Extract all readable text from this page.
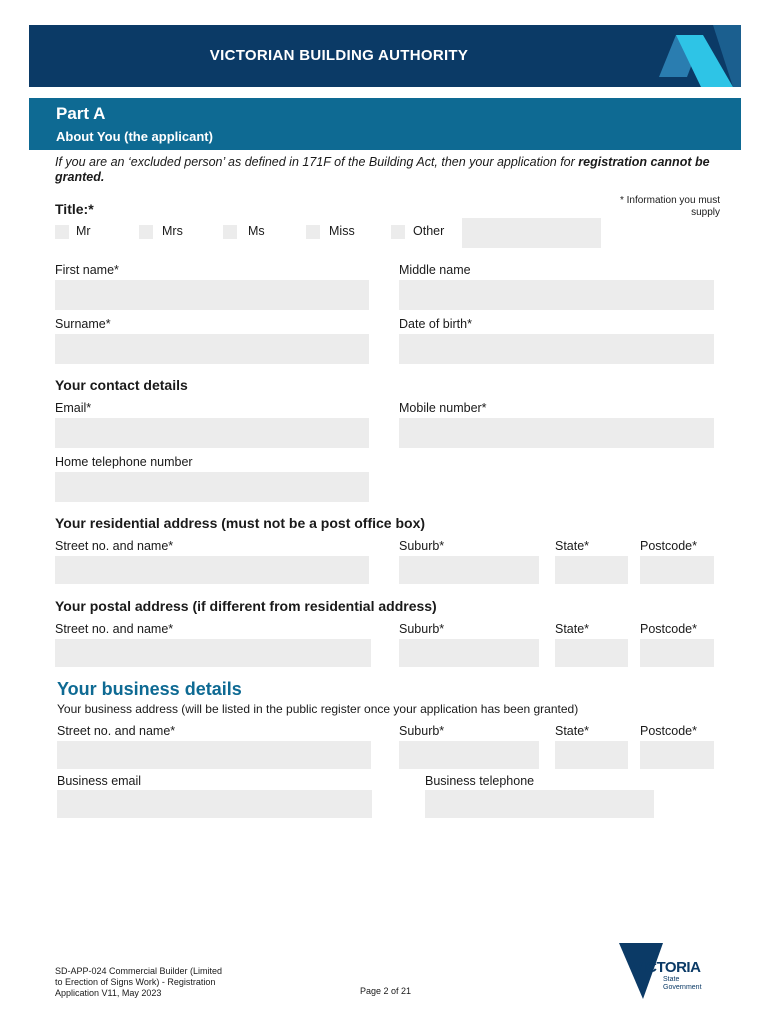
VICTORIAN BUILDING AUTHORITY
Part A
About You (the applicant)
If you are an ‘excluded person’ as defined in 171F of the Building Act, then your application for registration cannot be granted.
* Information you must supply
Title:*
Mr	Mrs	Ms	Miss	Other
First name*	Middle name
Surname*	Date of birth*
Your contact details
Email*	Mobile number*
Home telephone number
Your residential address (must not be a post office box)
Street no. and name*	Suburb*	State*	Postcode*
Your postal address (if different from residential address)
Street no. and name*	Suburb*	State*	Postcode*
Your business details
Your business address (will be listed in the public register once your application has been granted)
Street no. and name*	Suburb*	State*	Postcode*
Business email	Business telephone
SD-APP-024 Commercial Builder (Limited
to Erection of Signs Work) - Registration
Application V11, May 2023	Page 2 of 21
VICTORIA
State
Government
